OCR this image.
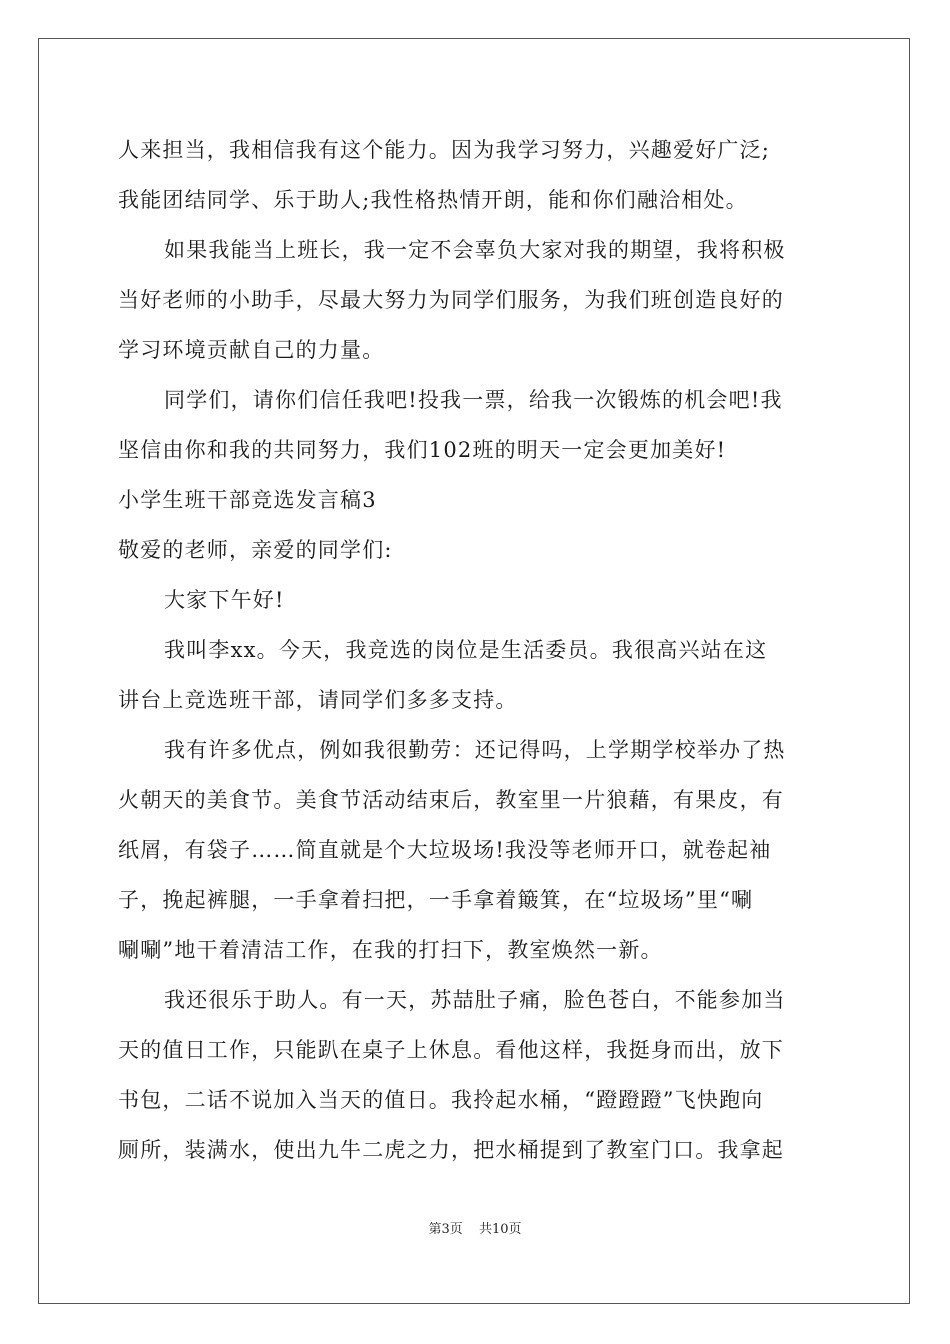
人来担当，我相信我有这个能力。因为我学习努力，兴趣爱好广泛;
我能团结同学、乐于助人;我性格热情开朗，能和你们融洽相处。
如果我能当上班长，我一定不会辜负大家对我的期望，我将积极
当好老师的小助手，尽最大努力为同学们服务，为我们班创造良好的
学习环境贡献自己的力量。
同学们，请你们信任我吧!投我一票，给我一次锻炼的机会吧!我
坚信由你和我的共同努力，我们102班的明天一定会更加美好!
小学生班干部竞选发言稿3
敬爱的老师，亲爱的同学们:
大家下午好!
我叫李xx。今天，我竞选的岗位是生活委员。我很高兴站在这
讲台上竞选班干部，请同学们多多支持。
我有许多优点，例如我很勤劳：还记得吗，上学期学校举办了热
火朝天的美食节。美食节活动结束后，教室里一片狼藉，有果皮，有
纸屑，有袋子……简直就是个大垃圾场!我没等老师开口，就卷起袖
子，挽起裤腿，一手拿着扫把，一手拿着簸箕，在“垃圾场”里“唰
唰唰”地干着清洁工作，在我的打扫下，教室焕然一新。
我还很乐于助人。有一天，苏喆肚子痛，脸色苍白，不能参加当
天的值日工作，只能趴在桌子上休息。看他这样，我挺身而出，放下
书包，二话不说加入当天的值日。我拎起水桶，“蹬蹬蹬”飞快跑向
厕所，装满水，使出九牛二虎之力，把水桶提到了教室门口。我拿起
第3页 共10页
